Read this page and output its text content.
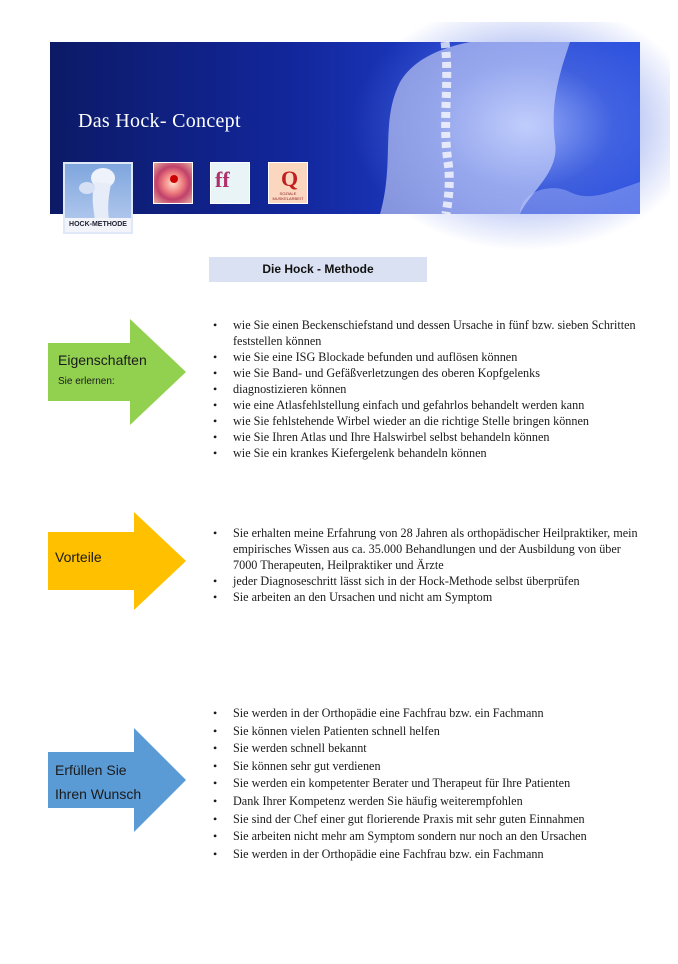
Das Hock- Concept
HOCK-METHODE
ff Q
SOZIALE MUSKELARBEIT
Die Hock - Methode
Eigenschaften
Sie erlernen:
• wie Sie einen Beckenschiefstand und dessen Ursache in fünf bzw. sieben Schritten feststellen können
• wie Sie eine ISG Blockade befunden und auflösen können
• wie Sie Band- und Gefäßverletzungen des oberen Kopfgelenks
• diagnostizieren können
• wie eine Atlasfehlstellung einfach und gefahrlos behandelt werden kann
• wie Sie fehlstehende Wirbel wieder an die richtige Stelle bringen können
• wie Sie Ihren Atlas und Ihre Halswirbel selbst behandeln können
• wie Sie ein krankes Kiefergelenk behandeln können
Vorteile
• Sie erhalten meine Erfahrung von 28 Jahren als orthopädischer Heilpraktiker, mein empirisches Wissen aus ca. 35.000 Behandlungen und der Ausbildung von über 7000 Therapeuten, Heilpraktiker und Ärzte
• jeder Diagnoseschritt lässt sich in der Hock-Methode selbst überprüfen
• Sie arbeiten an den Ursachen und nicht am Symptom
Erfüllen Sie
Ihren Wunsch
• Sie werden in der Orthopädie eine Fachfrau bzw. ein Fachmann
• Sie können vielen Patienten schnell helfen
• Sie werden schnell bekannt
• Sie können sehr gut verdienen
• Sie werden ein kompetenter Berater und Therapeut für Ihre Patienten
• Dank Ihrer Kompetenz werden Sie häufig weiterempfohlen
• Sie sind der Chef einer gut florierende Praxis mit sehr guten Einnahmen
• Sie arbeiten nicht mehr am Symptom sondern nur noch an den Ursachen
• Sie werden in der Orthopädie eine Fachfrau bzw. ein Fachmann
